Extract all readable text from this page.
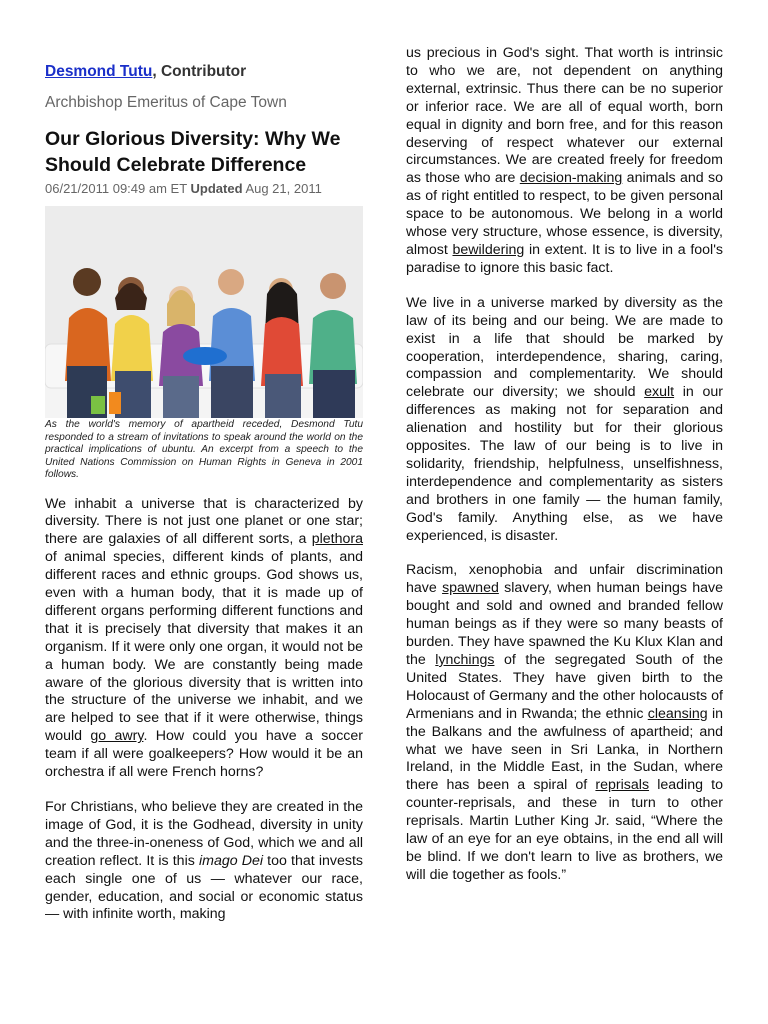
Desmond Tutu, Contributor
Archbishop Emeritus of Cape Town
Our Glorious Diversity: Why We Should Celebrate Difference
06/21/2011 09:49 am ET Updated Aug 21, 2011
As the world's memory of apartheid receded, Desmond Tutu responded to a stream of invitations to speak around the world on the practical implications of ubuntu. An excerpt from a speech to the United Nations Commission on Human Rights in Geneva in 2001 follows.

We inhabit a universe that is characterized by diversity. There is not just one planet or one star; there are galaxies of all different sorts, a plethora of animal species, different kinds of plants, and different races and ethnic groups. God shows us, even with a human body, that it is made up of different organs performing different functions and that it is precisely that diversity that makes it an organism. If it were only one organ, it would not be a human body. We are constantly being made aware of the glorious diversity that is written into the structure of the universe we inhabit, and we are helped to see that if it were otherwise, things would go awry. How could you have a soccer team if all were goalkeepers? How would it be an orchestra if all were French horns?

For Christians, who believe they are created in the image of God, it is the Godhead, diversity in unity and the three-in-oneness of God, which we and all creation reflect. It is this imago Dei too that invests each single one of us — whatever our race, gender, education, and social or economic status — with infinite worth, making

us precious in God's sight. That worth is intrinsic to who we are, not dependent on anything external, extrinsic. Thus there can be no superior or inferior race. We are all of equal worth, born equal in dignity and born free, and for this reason deserving of respect whatever our external circumstances. We are created freely for freedom as those who are decision-making animals and so as of right entitled to respect, to be given personal space to be autonomous. We belong in a world whose very structure, whose essence, is diversity, almost bewildering in extent. It is to live in a fool's paradise to ignore this basic fact.

We live in a universe marked by diversity as the law of its being and our being. We are made to exist in a life that should be marked by cooperation, interdependence, sharing, caring, compassion and complementarity. We should celebrate our diversity; we should exult in our differences as making not for separation and alienation and hostility but for their glorious opposites. The law of our being is to live in solidarity, friendship, helpfulness, unselfishness, interdependence and complementarity as sisters and brothers in one family — the human family, God's family. Anything else, as we have experienced, is disaster.

Racism, xenophobia and unfair discrimination have spawned slavery, when human beings have bought and sold and owned and branded fellow human beings as if they were so many beasts of burden. They have spawned the Ku Klux Klan and the lynchings of the segregated South of the United States. They have given birth to the Holocaust of Germany and the other holocausts of Armenians and in Rwanda; the ethnic cleansing in the Balkans and the awfulness of apartheid; and what we have seen in Sri Lanka, in Northern Ireland, in the Middle East, in the Sudan, where there has been a spiral of reprisals leading to counter-reprisals, and these in turn to other reprisals. Martin Luther King Jr. said, “Where the law of an eye for an eye obtains, in the end all will be blind. If we don't learn to live as brothers, we will die together as fools.”
